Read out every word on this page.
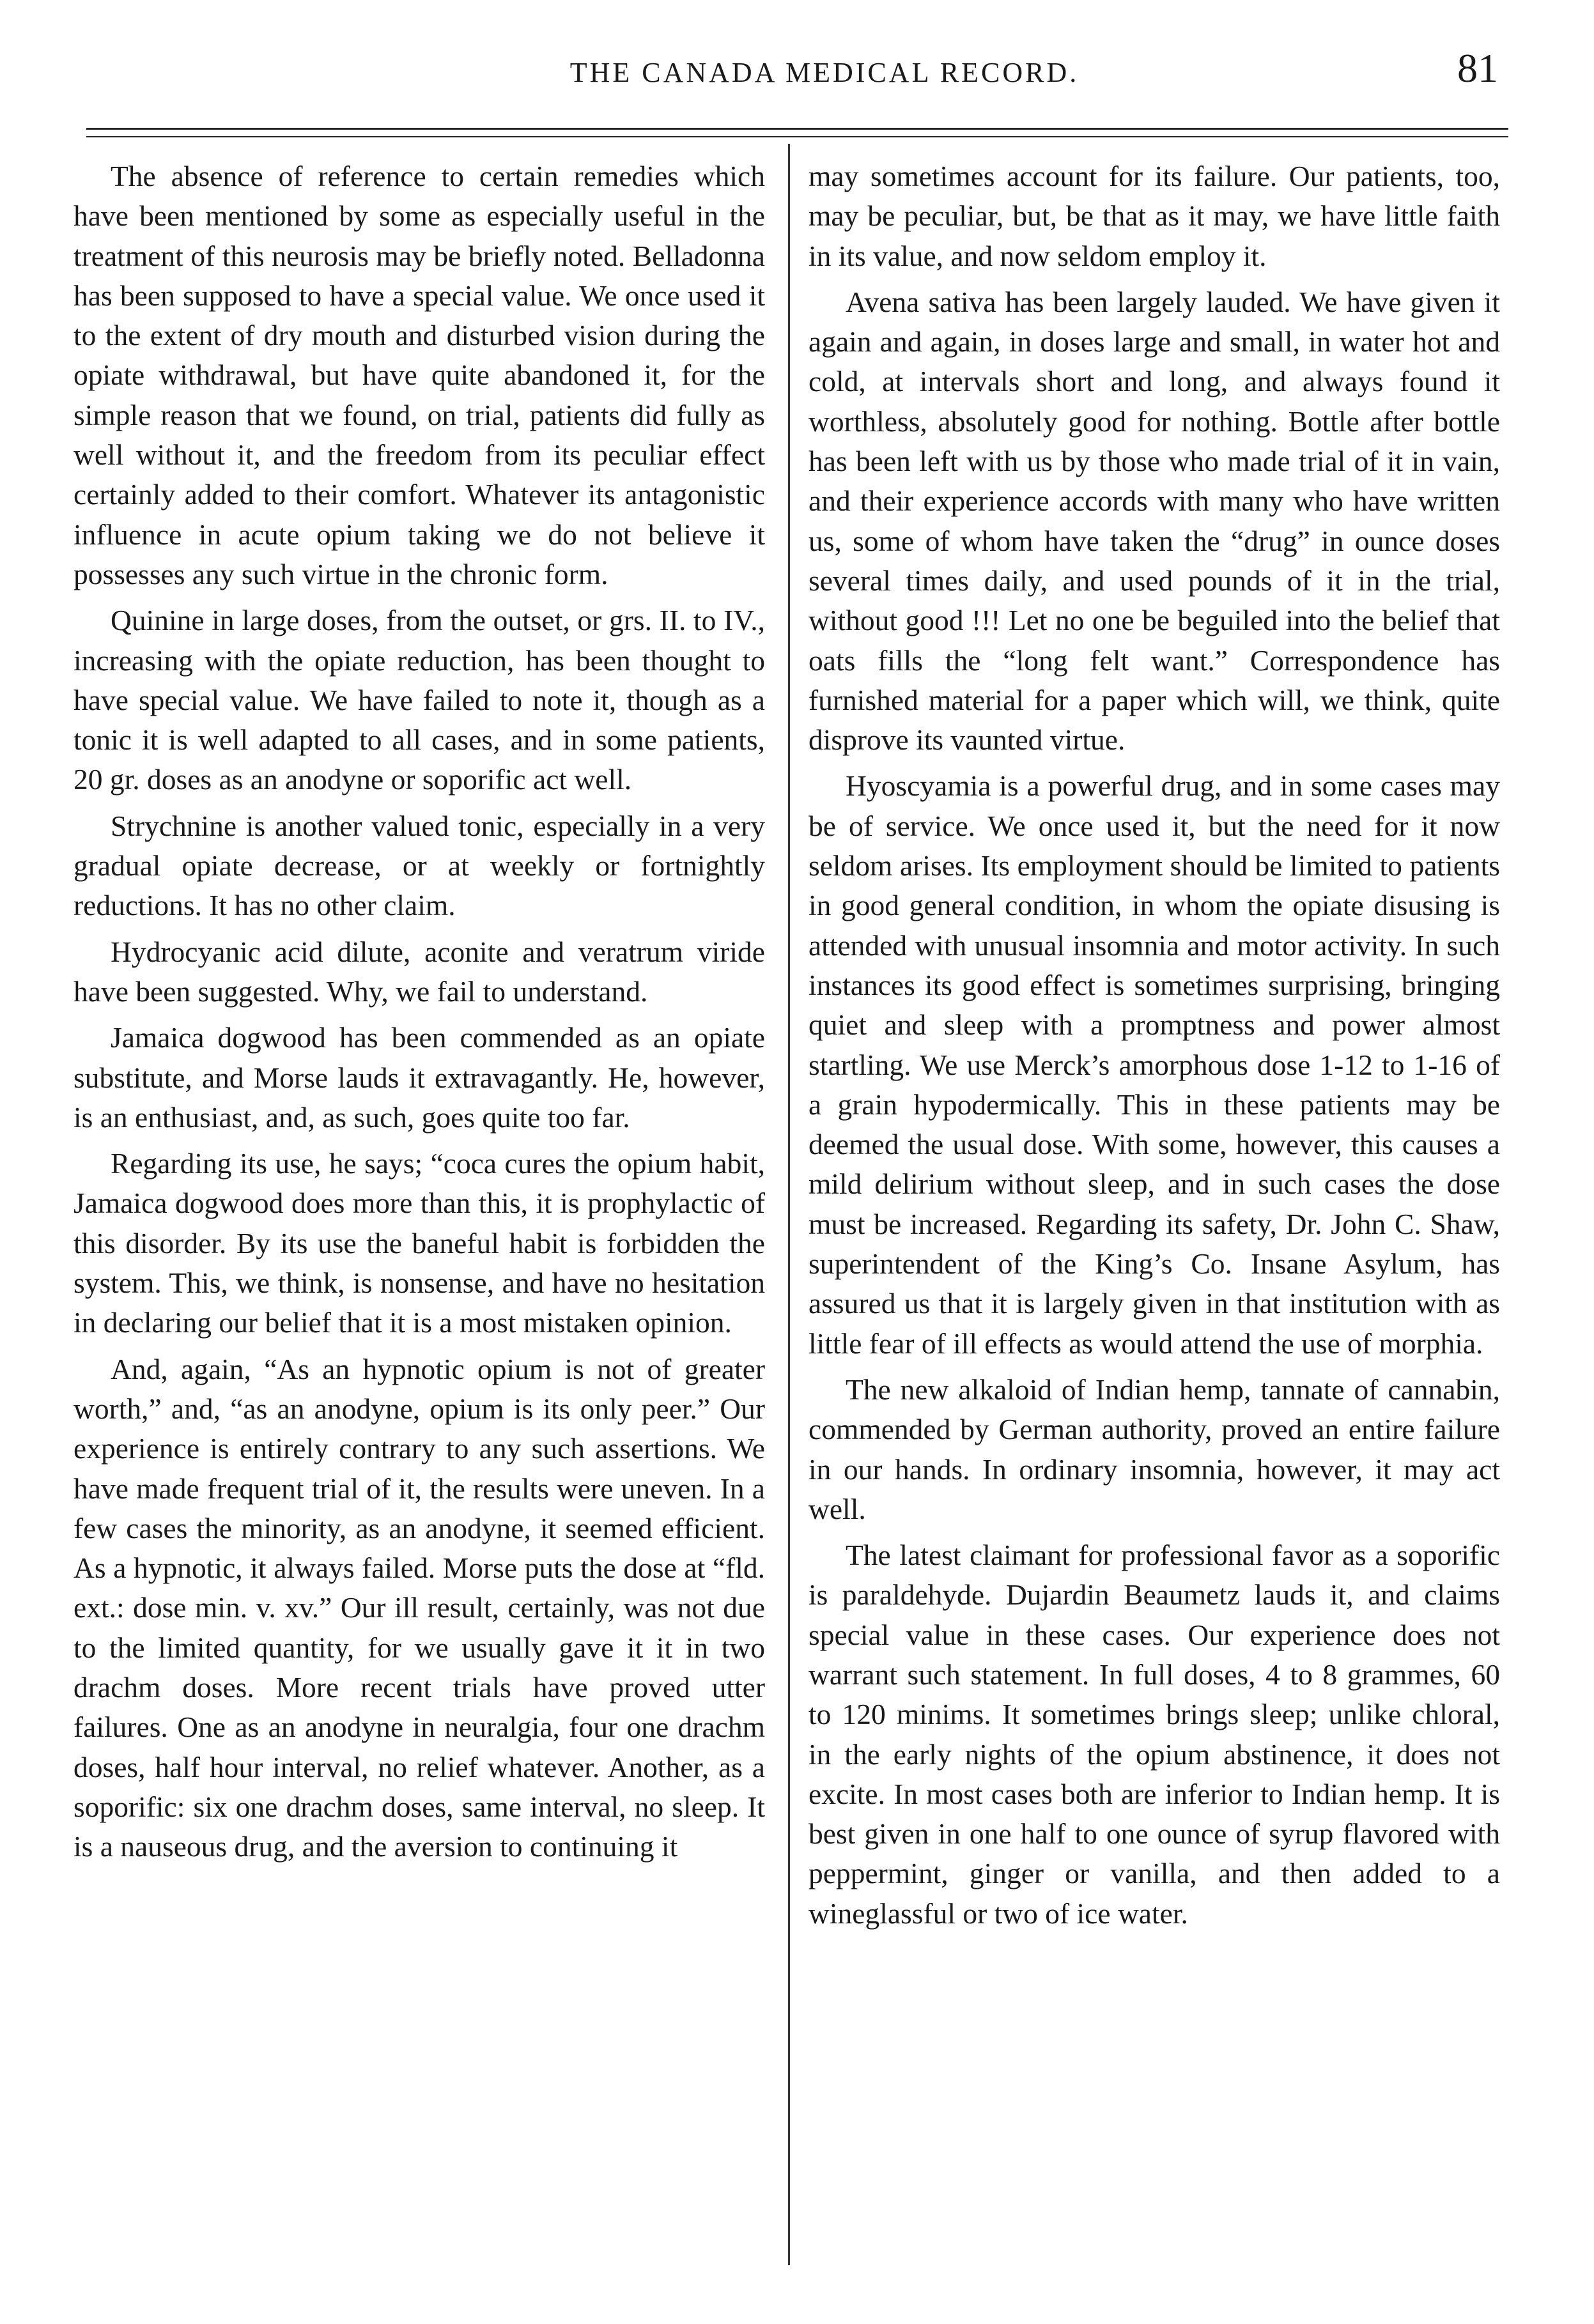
THE CANADA MEDICAL RECORD.	81

The absence of reference to certain remedies which have been mentioned by some as especially useful in the treatment of this neurosis may be briefly noted. Belladonna has been supposed to have a special value. We once used it to the extent of dry mouth and disturbed vision during the opiate withdrawal, but have quite abandoned it, for the simple reason that we found, on trial, patients did fully as well without it, and the freedom from its peculiar effect certainly added to their comfort. Whatever its antagonistic influence in acute opium taking we do not believe it possesses any such virtue in the chronic form.

Quinine in large doses, from the outset, or grs. II. to IV., increasing with the opiate reduction, has been thought to have special value. We have failed to note it, though as a tonic it is well adapted to all cases, and in some patients, 20 gr. doses as an anodyne or soporific act well.

Strychnine is another valued tonic, especially in a very gradual opiate decrease, or at weekly or fortnightly reductions. It has no other claim.

Hydrocyanic acid dilute, aconite and veratrum viride have been suggested. Why, we fail to understand.

Jamaica dogwood has been commended as an opiate substitute, and Morse lauds it extravagantly. He, however, is an enthusiast, and, as such, goes quite too far.

Regarding its use, he says; “coca cures the opium habit, Jamaica dogwood does more than this, it is prophylactic of this disorder. By its use the baneful habit is forbidden the system. This, we think, is nonsense, and have no hesitation in declaring our belief that it is a most mistaken opinion.

And, again, “As an hypnotic opium is not of greater worth,” and, “as an anodyne, opium is its only peer.” Our experience is entirely contrary to any such assertions. We have made frequent trial of it, the results were uneven. In a few cases the minority, as an anodyne, it seemed efficient. As a hypnotic, it always failed. Morse puts the dose at “fld. ext.: dose min. v. xv.” Our ill result, certainly, was not due to the limited quantity, for we usually gave it it in two drachm doses. More recent trials have proved utter failures. One as an anodyne in neuralgia, four one drachm doses, half hour interval, no relief whatever. Another, as a soporific: six one drachm doses, same interval, no sleep. It is a nauseous drug, and the aversion to continuing it

may sometimes account for its failure. Our patients, too, may be peculiar, but, be that as it may, we have little faith in its value, and now seldom employ it.

Avena sativa has been largely lauded. We have given it again and again, in doses large and small, in water hot and cold, at intervals short and long, and always found it worthless, absolutely good for nothing. Bottle after bottle has been left with us by those who made trial of it in vain, and their experience accords with many who have written us, some of whom have taken the “drug” in ounce doses several times daily, and used pounds of it in the trial, without good !!! Let no one be beguiled into the belief that oats fills the “long felt want.” Correspondence has furnished material for a paper which will, we think, quite disprove its vaunted virtue.

Hyoscyamia is a powerful drug, and in some cases may be of service. We once used it, but the need for it now seldom arises. Its employment should be limited to patients in good general condition, in whom the opiate disusing is attended with unusual insomnia and motor activity. In such instances its good effect is sometimes surprising, bringing quiet and sleep with a promptness and power almost startling. We use Merck’s amorphous dose 1-12 to 1-16 of a grain hypodermically. This in these patients may be deemed the usual dose. With some, however, this causes a mild delirium without sleep, and in such cases the dose must be increased. Regarding its safety, Dr. John C. Shaw, superintendent of the King’s Co. Insane Asylum, has assured us that it is largely given in that institution with as little fear of ill effects as would attend the use of morphia.

The new alkaloid of Indian hemp, tannate of cannabin, commended by German authority, proved an entire failure in our hands. In ordinary insomnia, however, it may act well.

The latest claimant for professional favor as a soporific is paraldehyde. Dujardin Beaumetz lauds it, and claims special value in these cases. Our experience does not warrant such statement. In full doses, 4 to 8 grammes, 60 to 120 minims. It sometimes brings sleep; unlike chloral, in the early nights of the opium abstinence, it does not excite. In most cases both are inferior to Indian hemp. It is best given in one half to one ounce of syrup flavored with peppermint, ginger or vanilla, and then added to a wineglassful or two of ice water.
